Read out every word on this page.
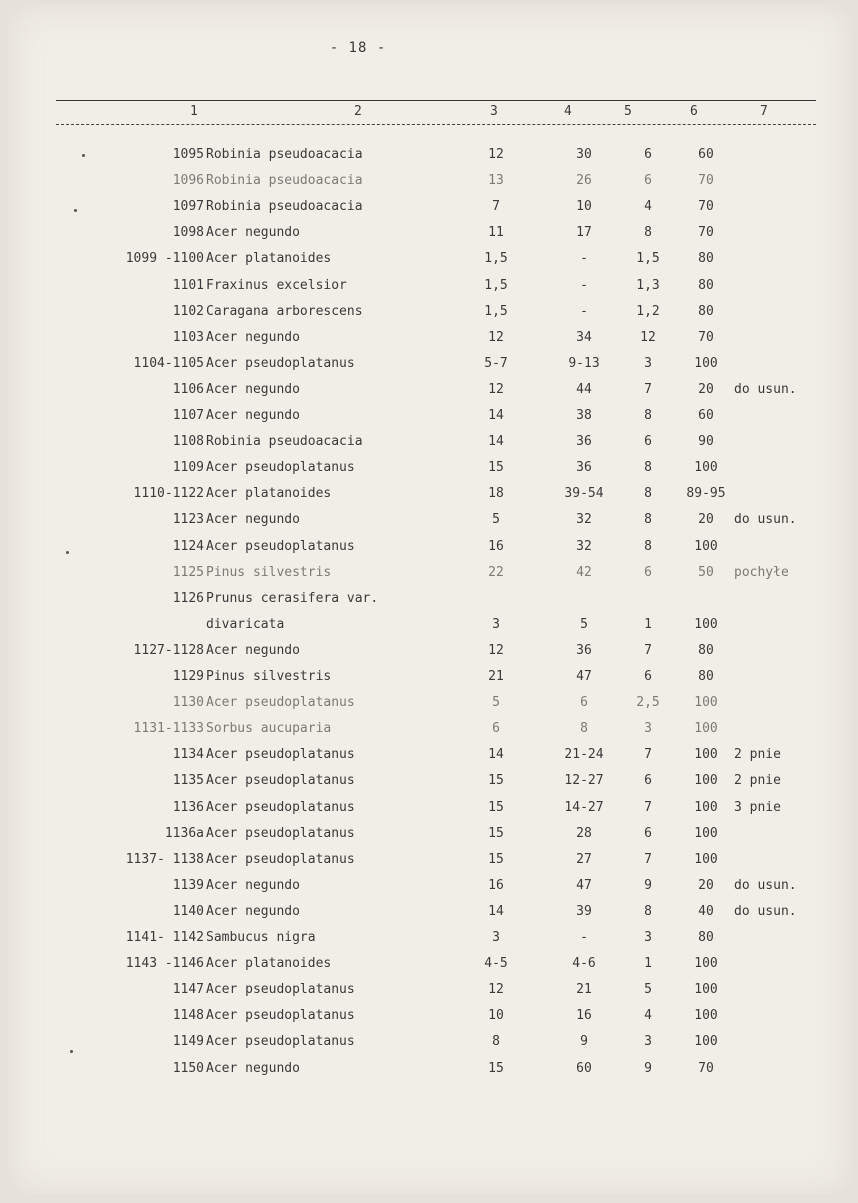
- 18 -
1	2	3	4	5	6	7
1095 Robinia pseudoacacia	12	30	6	60
1096 Robinia pseudoacacia	13	26	6	70
1097 Robinia pseudoacacia	7	10	4	70
1098 Acer negundo	11	17	8	70
1099 -1100 Acer platanoides	1,5	-	1,5	80
1101 Fraxinus excelsior	1,5	-	1,3	80
1102 Caragana arborescens	1,5	-	1,2	80
1103 Acer negundo	12	34	12	70
1104-1105 Acer pseudoplatanus	5-7	9-13	3	100
1106 Acer negundo	12	44	7	20	do usun.
1107 Acer negundo	14	38	8	60
1108 Robinia pseudoacacia	14	36	6	90
1109 Acer pseudoplatanus	15	36	8	100
1110-1122 Acer platanoides	18	39-54	8	89-95
1123 Acer negundo	5	32	8	20	do usun.
1124 Acer pseudoplatanus	16	32	8	100
1125 Pinus silvestris	22	42	6	50	pochyłe
1126 Prunus cerasifera var.
divaricata	3	5	1	100
1127-1128 Acer negundo	12	36	7	80
1129 Pinus silvestris	21	47	6	80
1130 Acer pseudoplatanus	5	6	2,5	100
1131-1133 Sorbus aucuparia	6	8	3	100
1134 Acer pseudoplatanus	14	21-24	7	100	2 pnie
1135 Acer pseudoplatanus	15	12-27	6	100	2 pnie
1136 Acer pseudoplatanus	15	14-27	7	100	3 pnie
1136a Acer pseudoplatanus	15	28	6	100
1137- 1138 Acer pseudoplatanus	15	27	7	100
1139 Acer negundo	16	47	9	20	do usun.
1140 Acer negundo	14	39	8	40	do usun.
1141- 1142 Sambucus nigra	3	-	3	80
1143 -1146 Acer platanoides	4-5	4-6	1	100
1147 Acer pseudoplatanus	12	21	5	100
1148 Acer pseudoplatanus	10	16	4	100
1149 Acer pseudoplatanus	8	9	3	100
1150 Acer negundo	15	60	9	70
